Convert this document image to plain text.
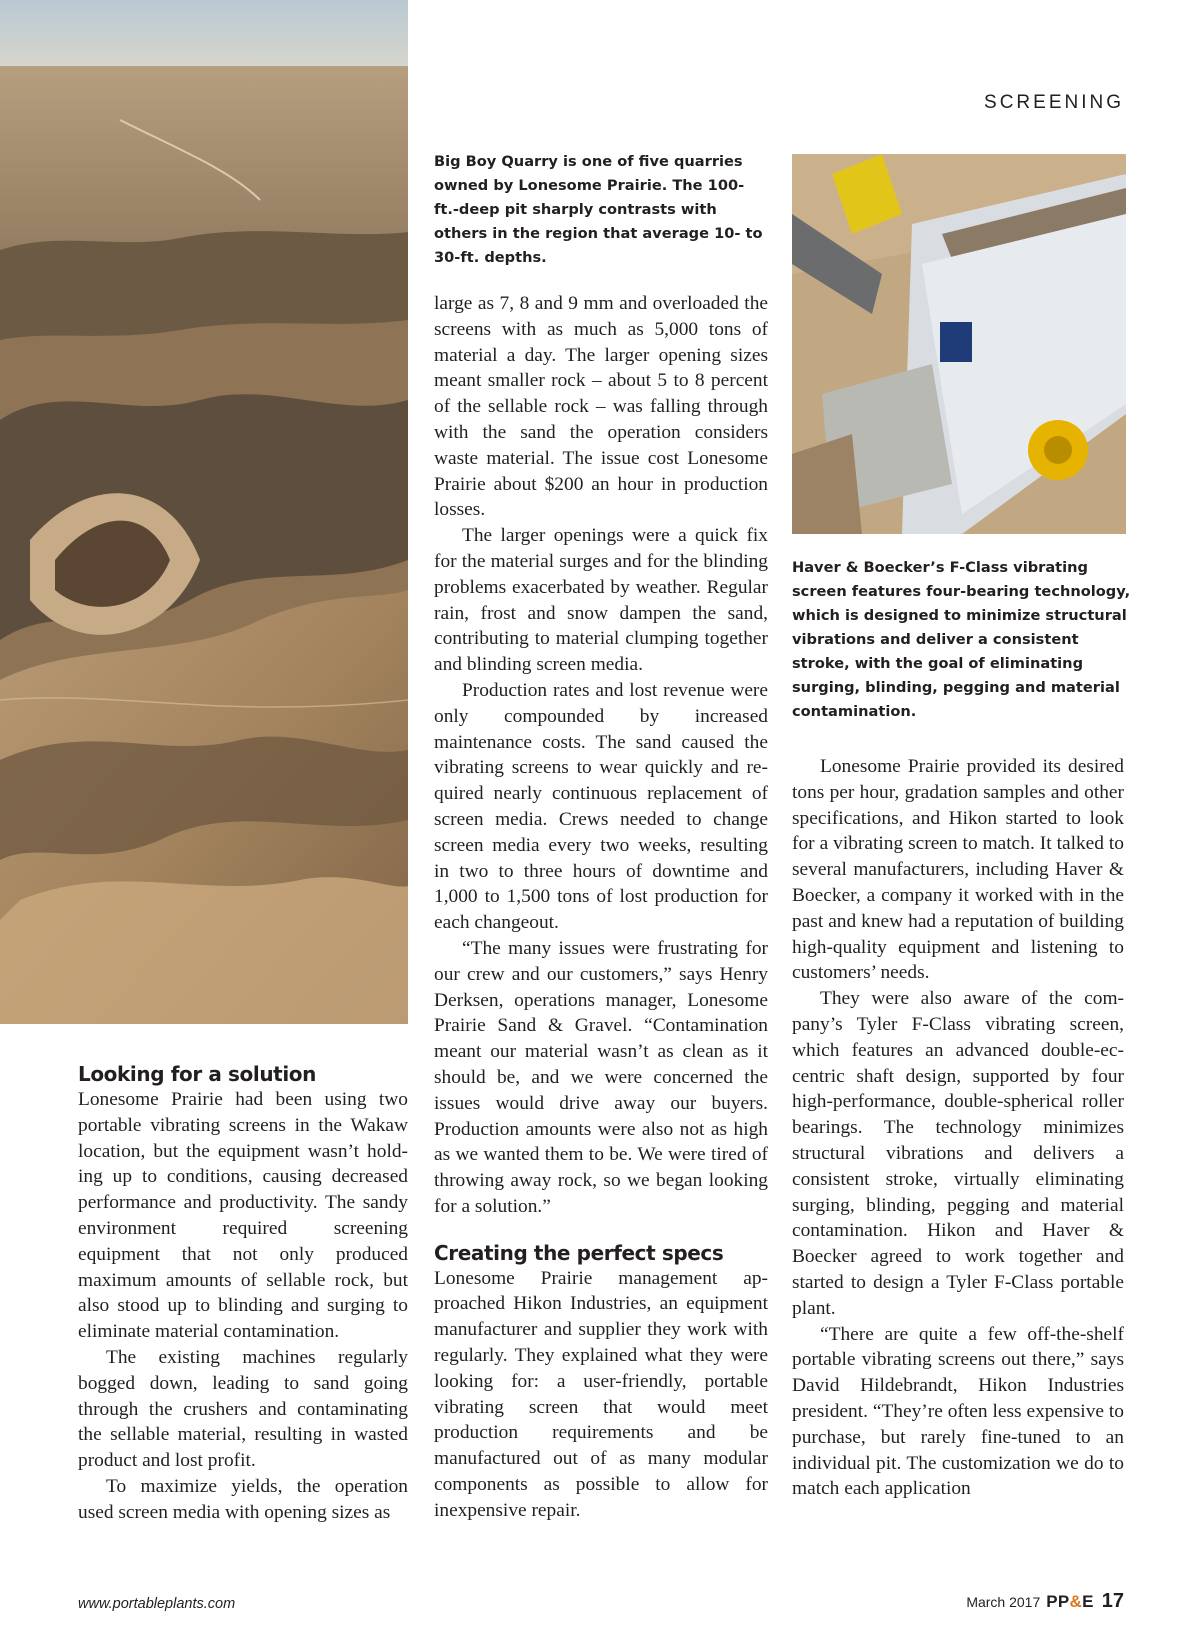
SCREENING
Big Boy Quarry is one of five quarries owned by Lonesome Prairie. The 100-ft.-deep pit sharply contrasts with others in the region that average 10- to 30-ft. depths.
Haver & Boecker’s F-Class vibrating screen features four-bearing technology, which is designed to minimize structural vibrations and deliver a consistent stroke, with the goal of eliminating surging, blinding, pegging and material contamination.
Looking for a solution

Lonesome Prairie had been using two portable vibrating screens in the Wakaw location, but the equipment wasn’t holding up to conditions, causing decreased performance and productivity. The sandy environment required screening equipment that not only produced maximum amounts of sellable rock, but also stood up to blinding and surging to eliminate material contamination.

The existing machines regularly bogged down, leading to sand going through the crushers and contaminating the sellable material, resulting in wasted product and lost profit.

To maximize yields, the operation used screen media with opening sizes as

large as 7, 8 and 9 mm and overloaded the screens with as much as 5,000 tons of material a day. The larger opening sizes meant smaller rock – about 5 to 8 percent of the sellable rock – was falling through with the sand the operation considers waste material. The issue cost Lonesome Prairie about $200 an hour in production losses.

The larger openings were a quick fix for the material surges and for the blinding problems exacerbated by weather. Regular rain, frost and snow dampen the sand, contributing to material clumping together and blinding screen media.

Production rates and lost revenue were only compounded by increased maintenance costs. The sand caused the vibrating screens to wear quickly and required nearly continuous replacement of screen media. Crews needed to change screen media every two weeks, resulting in two to three hours of downtime and 1,000 to 1,500 tons of lost production for each changeout.

“The many issues were frustrating for our crew and our customers,” says Henry Derksen, operations manager, Lonesome Prairie Sand & Gravel. “Contamination meant our material wasn’t as clean as it should be, and we were concerned the issues would drive away our buyers. Production amounts were also not as high as we wanted them to be. We were tired of throwing away rock, so we began looking for a solution.”

Creating the perfect specs

Lonesome Prairie management approached Hikon Industries, an equipment manufacturer and supplier they work with regularly. They explained what they were looking for: a user-friendly, portable vibrating screen that would meet production requirements and be manufactured out of as many modular components as possible to allow for inexpensive repair.

Lonesome Prairie provided its desired tons per hour, gradation samples and other specifications, and Hikon started to look for a vibrating screen to match. It talked to several manufacturers, including Haver & Boecker, a company it worked with in the past and knew had a reputation of building high-quality equipment and listening to customers’ needs.

They were also aware of the company’s Tyler F-Class vibrating screen, which features an advanced double-eccentric shaft design, supported by four high-performance, double-spherical roller bearings. The technology minimizes structural vibrations and delivers a consistent stroke, virtually eliminating surging, blinding, pegging and material contamination. Hikon and Haver & Boecker agreed to work together and started to design a Tyler F-Class portable plant.

“There are quite a few off-the-shelf portable vibrating screens out there,” says David Hildebrandt, Hikon Industries president. “They’re often less expensive to purchase, but rarely fine-tuned to an individual pit. The customization we do to match each application

www.portableplants.com	March 2017 PP&E 17
